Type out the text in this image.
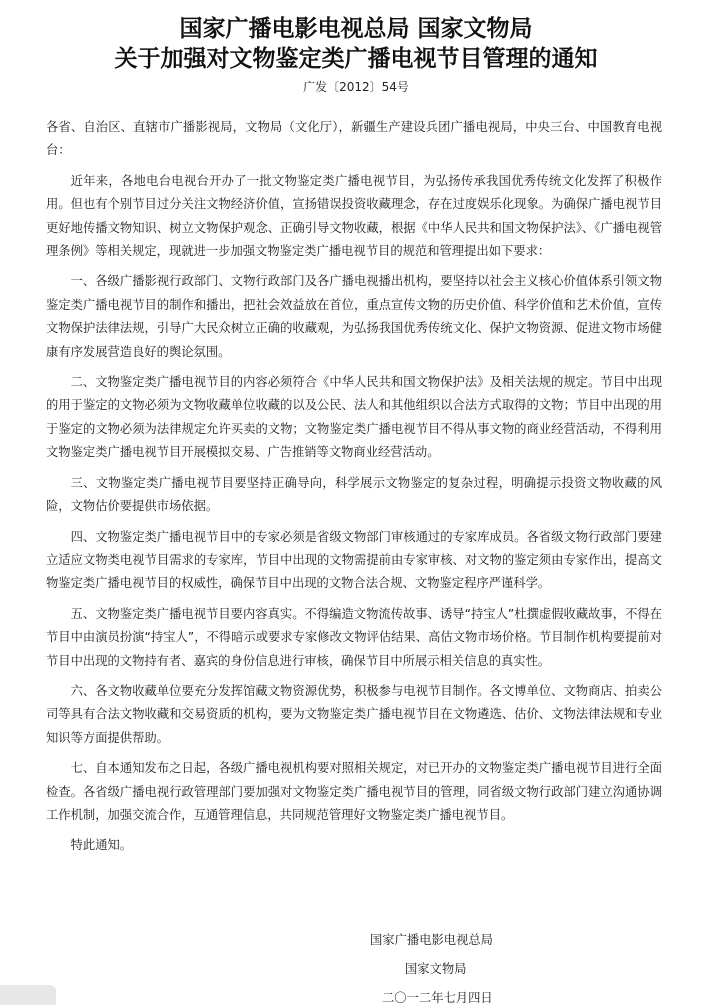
国家广播电影电视总局 国家文物局
关于加强对文物鉴定类广播电视节目管理的通知
广发〔2012〕54号

各省、自治区、直辖市广播影视局，文物局（文化厅），新疆生产建设兵团广播电视局，中央三台、中国教育电视台：

近年来，各地电台电视台开办了一批文物鉴定类广播电视节目，为弘扬传承我国优秀传统文化发挥了积极作用。但也有个别节目过分关注文物经济价值，宣扬错误投资收藏理念，存在过度娱乐化现象。为确保广播电视节目更好地传播文物知识、树立文物保护观念、正确引导文物收藏，根据《中华人民共和国文物保护法》、《广播电视管理条例》等相关规定，现就进一步加强文物鉴定类广播电视节目的规范和管理提出如下要求：

一、各级广播影视行政部门、文物行政部门及各广播电视播出机构，要坚持以社会主义核心价值体系引领文物鉴定类广播电视节目的制作和播出，把社会效益放在首位，重点宣传文物的历史价值、科学价值和艺术价值，宣传文物保护法律法规，引导广大民众树立正确的收藏观，为弘扬我国优秀传统文化、保护文物资源、促进文物市场健康有序发展营造良好的舆论氛围。

二、文物鉴定类广播电视节目的内容必须符合《中华人民共和国文物保护法》及相关法规的规定。节目中出现的用于鉴定的文物必须为文物收藏单位收藏的以及公民、法人和其他组织以合法方式取得的文物；节目中出现的用于鉴定的文物必须为法律规定允许买卖的文物；文物鉴定类广播电视节目不得从事文物的商业经营活动，不得利用文物鉴定类广播电视节目开展模拟交易、广告推销等文物商业经营活动。

三、文物鉴定类广播电视节目要坚持正确导向，科学展示文物鉴定的复杂过程，明确提示投资文物收藏的风险，文物估价要提供市场依据。

四、文物鉴定类广播电视节目中的专家必须是省级文物部门审核通过的专家库成员。各省级文物行政部门要建立适应文物类电视节目需求的专家库，节目中出现的文物需提前由专家审核、对文物的鉴定须由专家作出，提高文物鉴定类广播电视节目的权威性，确保节目中出现的文物合法合规、文物鉴定程序严谨科学。

五、文物鉴定类广播电视节目要内容真实。不得编造文物流传故事、诱导“持宝人”杜撰虚假收藏故事，不得在节目中由演员扮演“持宝人”，不得暗示或要求专家修改文物评估结果、高估文物市场价格。节目制作机构要提前对节目中出现的文物持有者、嘉宾的身份信息进行审核，确保节目中所展示相关信息的真实性。

六、各文物收藏单位要充分发挥馆藏文物资源优势，积极参与电视节目制作。各文博单位、文物商店、拍卖公司等具有合法文物收藏和交易资质的机构，要为文物鉴定类广播电视节目在文物遴选、估价、文物法律法规和专业知识等方面提供帮助。

七、自本通知发布之日起，各级广播电视机构要对照相关规定，对已开办的文物鉴定类广播电视节目进行全面检查。各省级广播电视行政管理部门要加强对文物鉴定类广播电视节目的管理，同省级文物行政部门建立沟通协调工作机制，加强交流合作，互通管理信息，共同规范管理好文物鉴定类广播电视节目。

特此通知。

国家广播电影电视总局
国家文物局
二〇一二年七月四日
